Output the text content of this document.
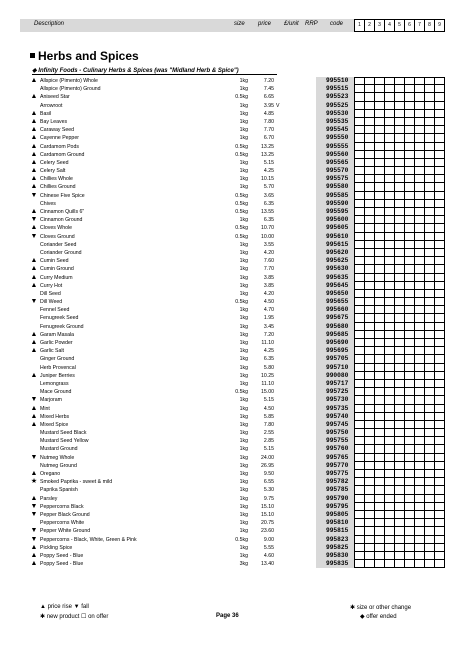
Description	size price £/unit RRP code	1	2	3	4	5	6	7	8	9
Herbs and Spices
◆ Infinity Foods - Culinary Herbs & Spices (was "Midland Herb & Spice")
▲ Allspice (Pimento) Whole	1kg	7.20	995510
Allspice (Pimento) Ground	1kg	7.45	995515
▲ Aniseed Star	0.5kg	6.65	995523
Arrowroot	1kg	3.95 V	995525
▲ Basil	1kg	4.85	995530
▲ Bay Leaves	1kg	7.80	995535
▲ Caraway Seed	1kg	7.70	995545
▲ Cayenne Pepper	1kg	6.70	995550
▲ Cardamom Pods	0.5kg	13.25	995555
▲ Cardamom Ground	0.5kg	13.25	995560
▲ Celery Seed	1kg	5.15	995565
▲ Celery Salt	1kg	4.25	995570
▲ Chillies Whole	1kg	10.15	995575
▲ Chillies Ground	1kg	5.70	995580
▼ Chinese Five Spice	0.5kg	3.65	995585
Chives	0.5kg	6.35	995590
▲ Cinnamon Quills 6"	0.5kg	13.55	995595
▼ Cinnamon Ground	1kg	6.35	995600
▲ Cloves Whole	0.5kg	10.70	995605
▼ Cloves Ground	0.5kg	10.00	995610
Coriander Seed	1kg	3.55	995615
Coriander Ground	1kg	4.20	995620
▲ Cumin Seed	1kg	7.60	995625
▲ Cumin Ground	1kg	7.70	995630
▲ Curry Medium	1kg	3.85	995635
▲ Curry Hot	1kg	3.85	995645
Dill Seed	1kg	4.20	995650
▼ Dill Weed	0.5kg	4.50	995655
Fennel Seed	1kg	4.70	995660
Fenugreek Seed	1kg	1.95	995675
Fenugreek Ground	1kg	3.45	995680
▲ Garam Masala	1kg	7.20	995685
▲ Garlic Powder	1kg	11.10	995690
▲ Garlic Salt	1kg	4.25	995695
Ginger Ground	1kg	6.35	995705
Herb Provencal	1kg	5.80	995710
▲ Juniper Berries	1kg	10.25	990080
Lemongrass	1kg	11.10	995717
Mace Ground	0.5kg	15.00	995725
▼ Marjoram	1kg	5.15	995730
▲ Mint	1kg	4.50	995735
▲ Mixed Herbs	1kg	5.85	995740
▲ Mixed Spice	1kg	7.80	995745
Mustard Seed Black	1kg	2.55	995750
Mustard Seed Yellow	1kg	2.85	995755
Mustard Ground	1kg	5.15	995760
▼ Nutmeg Whole	1kg	24.00	995765
Nutmeg Ground	1kg	26.95	995770
▲ Oregano	1kg	9.50	995775
★ Smoked Paprika - sweet & mild	1kg	6.55	995782
Paprika Spanish	1kg	5.30	995785
▲ Parsley	1kg	9.75	995790
▼ Peppercorns Black	1kg	15.10	995795
▼ Pepper Black Ground	1kg	15.10	995805
Peppercorns White	1kg	20.75	995810
▼ Pepper White Ground	1kg	23.60	995815
▼ Peppercorns - Black, White, Green & Pink	0.5kg	9.00	995823
▲ Pickling Spice	1kg	5.55	995825
▲ Poppy Seed - Blue	1kg	4.60	995830
▲ Poppy Seed - Blue	3kg	13.40	995835
▲ price rise ▼ fall
✱ new product ☐ on offer	Page 36
✱ size or other change
◆ offer ended
